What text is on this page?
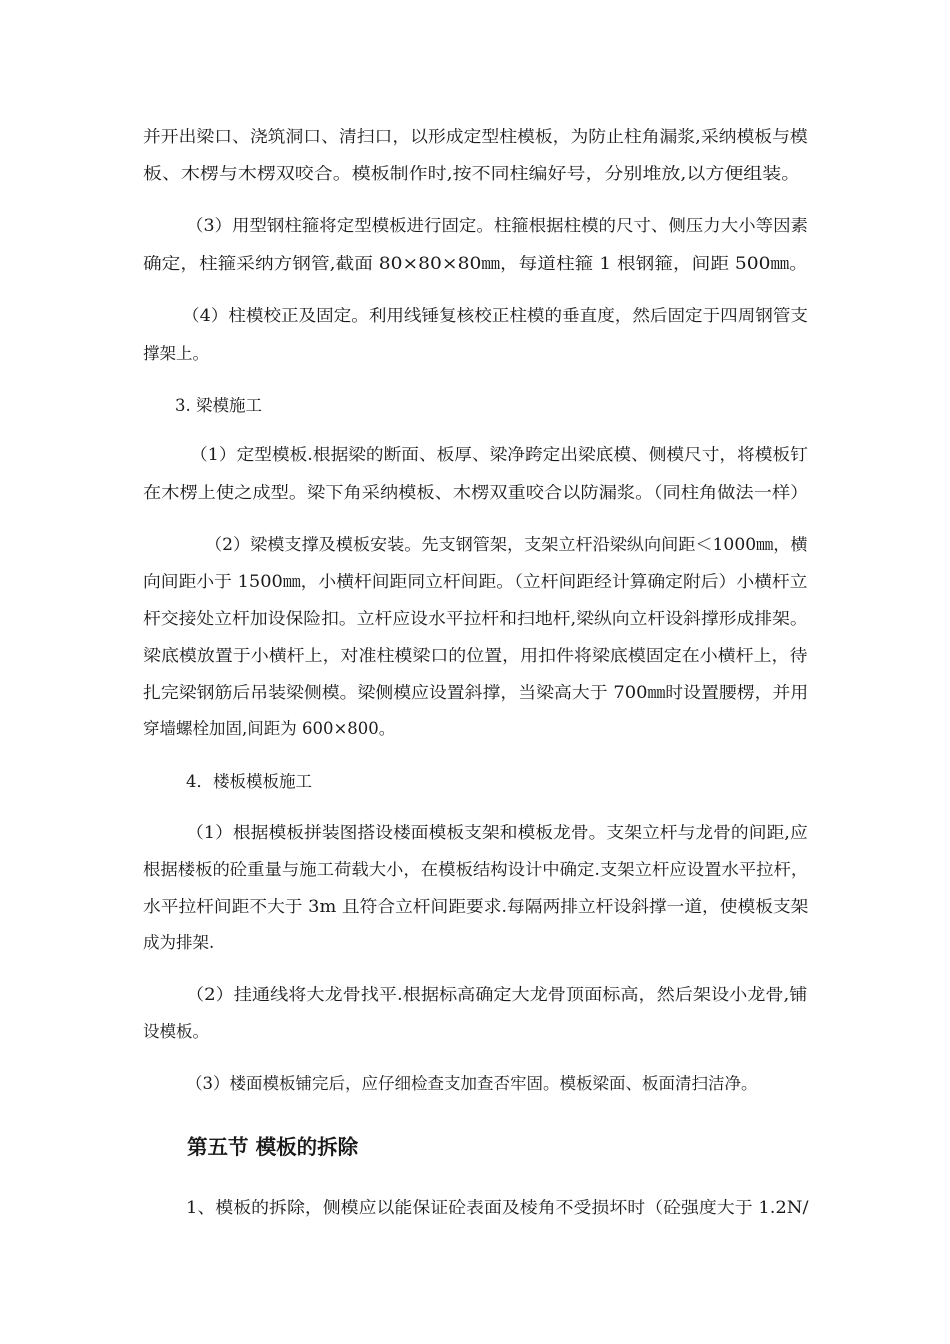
并开出梁口、浇筑洞口、清扫口，以形成定型柱模板，为防止柱角漏浆,采纳模板与模
板、木楞与木楞双咬合。模板制作时,按不同柱编好号，分别堆放,以方便组装。
（3）用型钢柱箍将定型模板进行固定。柱箍根据柱模的尺寸、侧压力大小等因素
确定，柱箍采纳方钢管,截面 80×80×80㎜，每道柱箍 1 根钢箍，间距 500㎜。
（4）柱模校正及固定。利用线锤复核校正柱模的垂直度，然后固定于四周钢管支
撑架上。
3. 梁模施工
（1）定型模板.根据梁的断面、板厚、梁净跨定出梁底模、侧模尺寸，将模板钉
在木楞上使之成型。梁下角采纳模板、木楞双重咬合以防漏浆。（同柱角做法一样）
（2）梁模支撑及模板安装。先支钢管架，支架立杆沿梁纵向间距＜1000㎜，横
向间距小于 1500㎜，小横杆间距同立杆间距。（立杆间距经计算确定附后）小横杆立
杆交接处立杆加设保险扣。立杆应设水平拉杆和扫地杆,梁纵向立杆设斜撑形成排架。
梁底模放置于小横杆上，对准柱模梁口的位置，用扣件将梁底模固定在小横杆上，待
扎完梁钢筋后吊装梁侧模。梁侧模应设置斜撑，当梁高大于 700㎜时设置腰楞，并用
穿墙螺栓加固,间距为 600×800。
4．楼板模板施工
（1）根据模板拼装图搭设楼面模板支架和模板龙骨。支架立杆与龙骨的间距,应
根据楼板的砼重量与施工荷载大小，在模板结构设计中确定.支架立杆应设置水平拉杆，
水平拉杆间距不大于 3m 且符合立杆间距要求.每隔两排立杆设斜撑一道，使模板支架
成为排架.
（2）挂通线将大龙骨找平.根据标高确定大龙骨顶面标高，然后架设小龙骨,铺
设模板。
（3）楼面模板铺完后，应仔细检查支加查否牢固。模板梁面、板面清扫洁净。
第五节 模板的拆除
1、模板的拆除，侧模应以能保证砼表面及棱角不受损坏时（砼强度大于 1.2N/
